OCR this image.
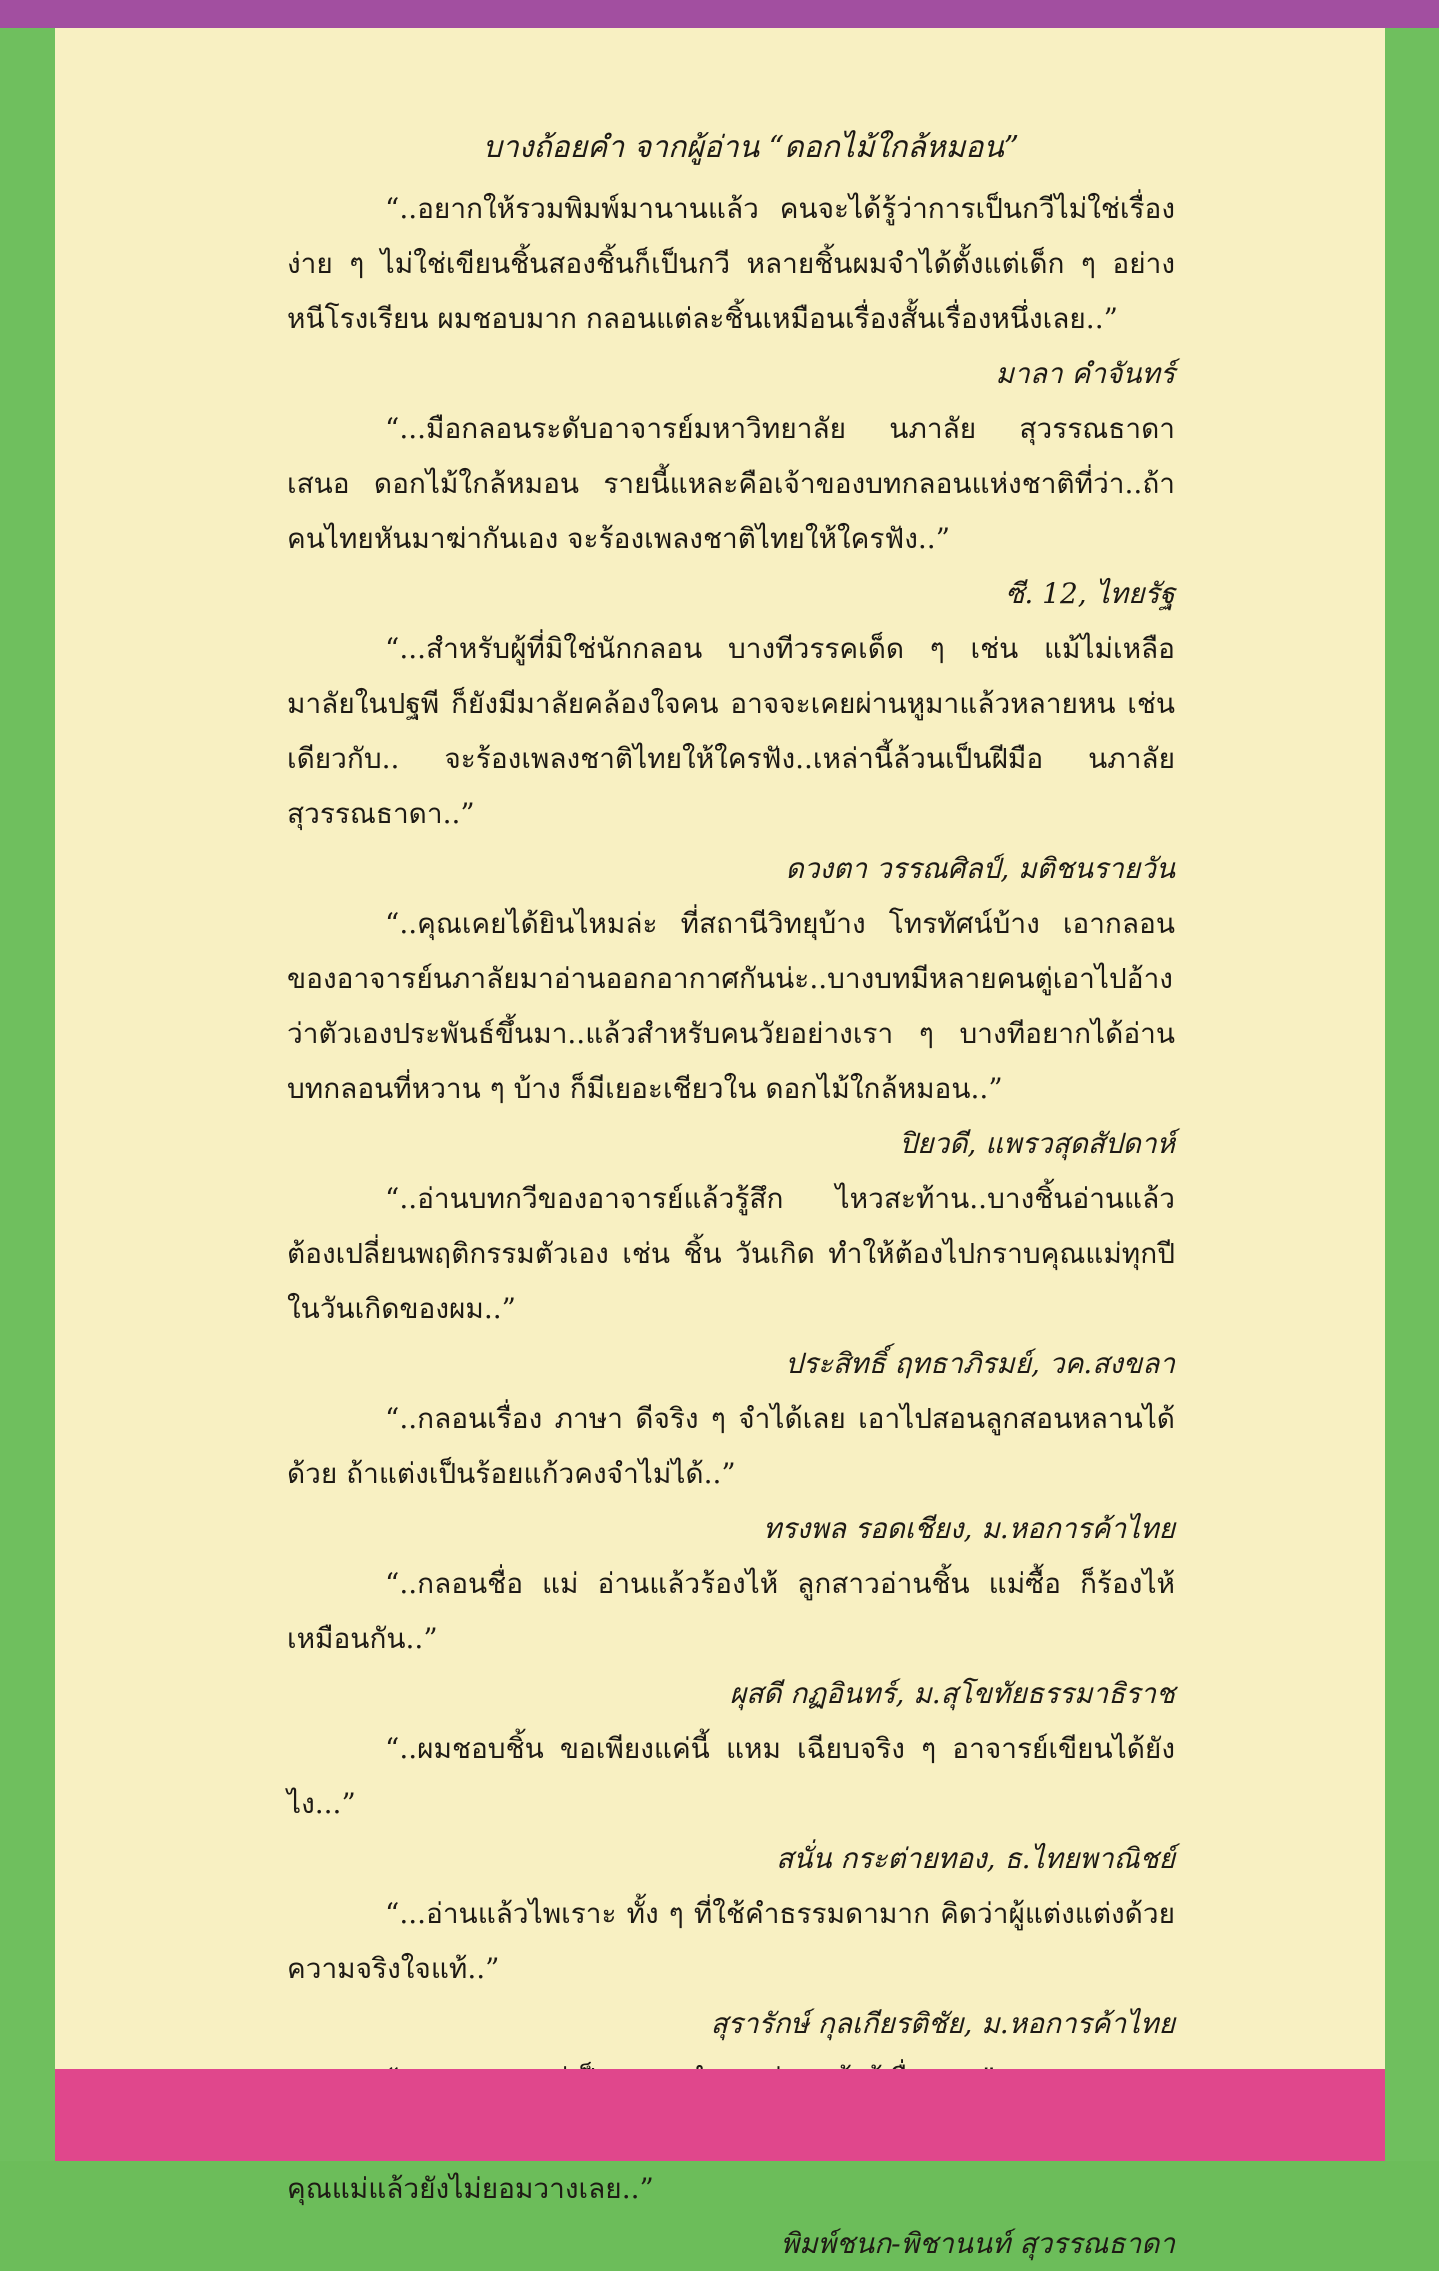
บางถ้อยคำ จากผู้อ่าน “ดอกไม้ใกล้หมอน”

“..อยากให้รวมพิมพ์มานานแล้ว คนจะได้รู้ว่าการเป็นกวีไม่ใช่เรื่องง่าย ๆ ไม่ใช่เขียนชิ้นสองชิ้นก็เป็นกวี หลายชิ้นผมจำได้ตั้งแต่เด็ก ๆ อย่าง หนีโรงเรียน ผมชอบมาก กลอนแต่ละชิ้นเหมือนเรื่องสั้นเรื่องหนึ่งเลย..”

มาลา คำจันทร์

“...มือกลอนระดับอาจารย์มหาวิทยาลัย นภาลัย สุวรรณธาดา เสนอ ดอกไม้ใกล้หมอน รายนี้แหละคือเจ้าของบทกลอนแห่งชาติที่ว่า..ถ้าคนไทยหันมาฆ่ากันเอง จะร้องเพลงชาติไทยให้ใครฟัง..”

ซี. 12, ไทยรัฐ

“...สำหรับผู้ที่มิใช่นักกลอน บางทีวรรคเด็ด ๆ เช่น แม้ไม่เหลือมาลัยในปฐพี ก็ยังมีมาลัยคล้องใจคน อาจจะเคยผ่านหูมาแล้วหลายหน เช่นเดียวกับ.. จะร้องเพลงชาติไทยให้ใครฟัง..เหล่านี้ล้วนเป็นฝีมือ นภาลัย สุวรรณธาดา..”

ดวงตา วรรณศิลป์, มติชนรายวัน

“..คุณเคยได้ยินไหมล่ะ ที่สถานีวิทยุบ้าง โทรทัศน์บ้าง เอากลอนของอาจารย์นภาลัยมาอ่านออกอากาศกันน่ะ..บางบทมีหลายคนตู่เอาไปอ้างว่าตัวเองประพันธ์ขึ้นมา..แล้วสำหรับคนวัยอย่างเรา ๆ บางทีอยากได้อ่านบทกลอนที่หวาน ๆ บ้าง ก็มีเยอะเชียวใน ดอกไม้ใกล้หมอน..”

ปิยวดี, แพรวสุดสัปดาห์

“..อ่านบทกวีของอาจารย์แล้วรู้สึก ไหวสะท้าน..บางชิ้นอ่านแล้วต้องเปลี่ยนพฤติกรรมตัวเอง เช่น ชิ้น วันเกิด ทำให้ต้องไปกราบคุณแม่ทุกปีในวันเกิดของผม..”

ประสิทธิ์ ฤทธาภิรมย์, วค.สงขลา

“..กลอนเรื่อง ภาษา ดีจริง ๆ จำได้เลย เอาไปสอนลูกสอนหลานได้ด้วย ถ้าแต่งเป็นร้อยแก้วคงจำไม่ได้..”

ทรงพล รอดเชียง, ม.หอการค้าไทย

“..กลอนชื่อ แม่ อ่านแล้วร้องไห้ ลูกสาวอ่านชิ้น แม่ซื้อ ก็ร้องไห้เหมือนกัน..”

ผุสดี กฏอินทร์, ม.สุโขทัยธรรมาธิราช

“..ผมชอบชิ้น ขอเพียงแค่นี้ แหม เฉียบจริง ๆ อาจารย์เขียนได้ยังไง...”

สนั่น กระต่ายทอง, ธ.ไทยพาณิชย์

“...อ่านแล้วไพเราะ ทั้ง ๆ ที่ใช้คำธรรมดามาก คิดว่าผู้แต่งแต่งด้วยความจริงใจแท้..”

สุรารักษ์ กุลเกียรติชัย, ม.หอการค้าไทย

คุณแม่แล้วยังไม่ยอมวางเลย..”

พิมพ์ชนก-พิชานนท์ สุวรรณธาดา
